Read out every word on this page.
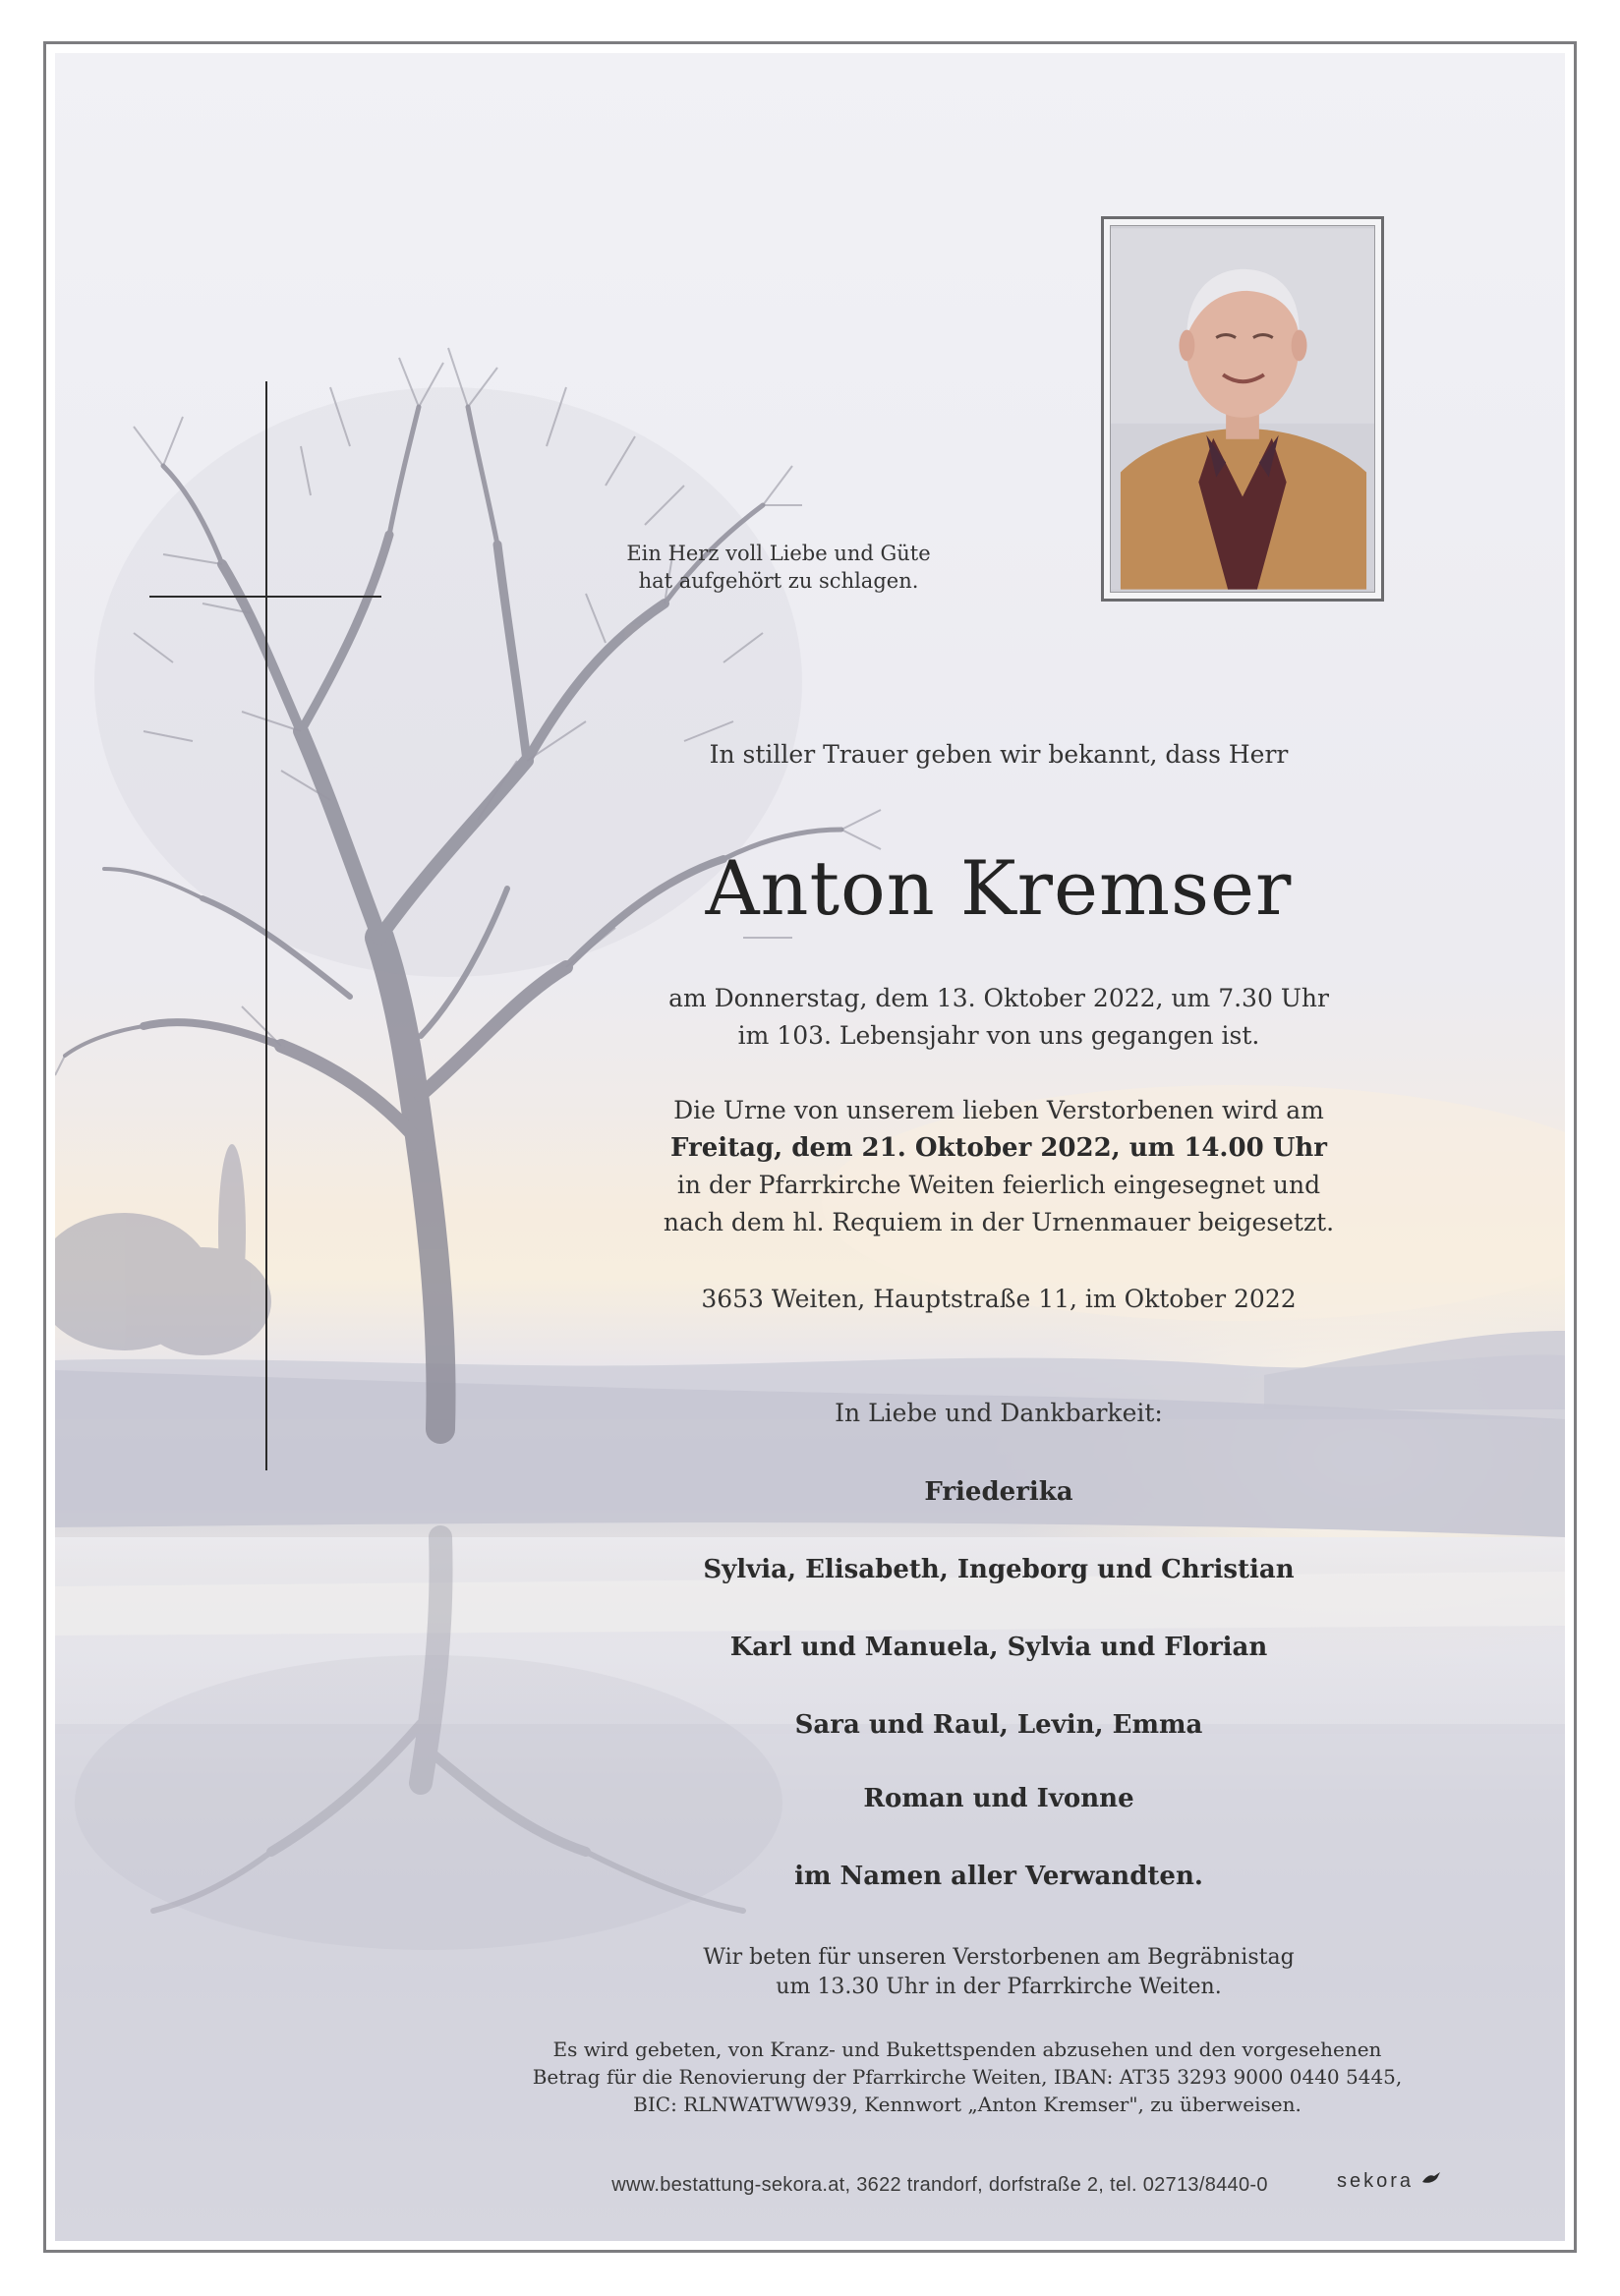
Ein Herz voll Liebe und Güte
hat aufgehört zu schlagen.
In stiller Trauer geben wir bekannt, dass Herr
Anton Kremser
am Donnerstag, dem 13. Oktober 2022, um 7.30 Uhr
im 103. Lebensjahr von uns gegangen ist.
Die Urne von unserem lieben Verstorbenen wird am
Freitag, dem 21. Oktober 2022, um 14.00 Uhr
in der Pfarrkirche Weiten feierlich eingesegnet und
nach dem hl. Requiem in der Urnenmauer beigesetzt.
3653 Weiten, Hauptstraße 11, im Oktober 2022
In Liebe und Dankbarkeit:
Friederika
Sylvia, Elisabeth, Ingeborg und Christian
Karl und Manuela, Sylvia und Florian
Sara und Raul, Levin, Emma
Roman und Ivonne
im Namen aller Verwandten.
Wir beten für unseren Verstorbenen am Begräbnistag
um 13.30 Uhr in der Pfarrkirche Weiten.
Es wird gebeten, von Kranz- und Bukettspenden abzusehen und den vorgesehenen
Betrag für die Renovierung der Pfarrkirche Weiten, IBAN: AT35 3293 9000 0440 5445,
BIC: RLNWATWW939, Kennwort „Anton Kremser", zu überweisen.
www.bestattung-sekora.at, 3622 trandorf, dorfstraße 2, tel. 02713/8440-0	sekora
